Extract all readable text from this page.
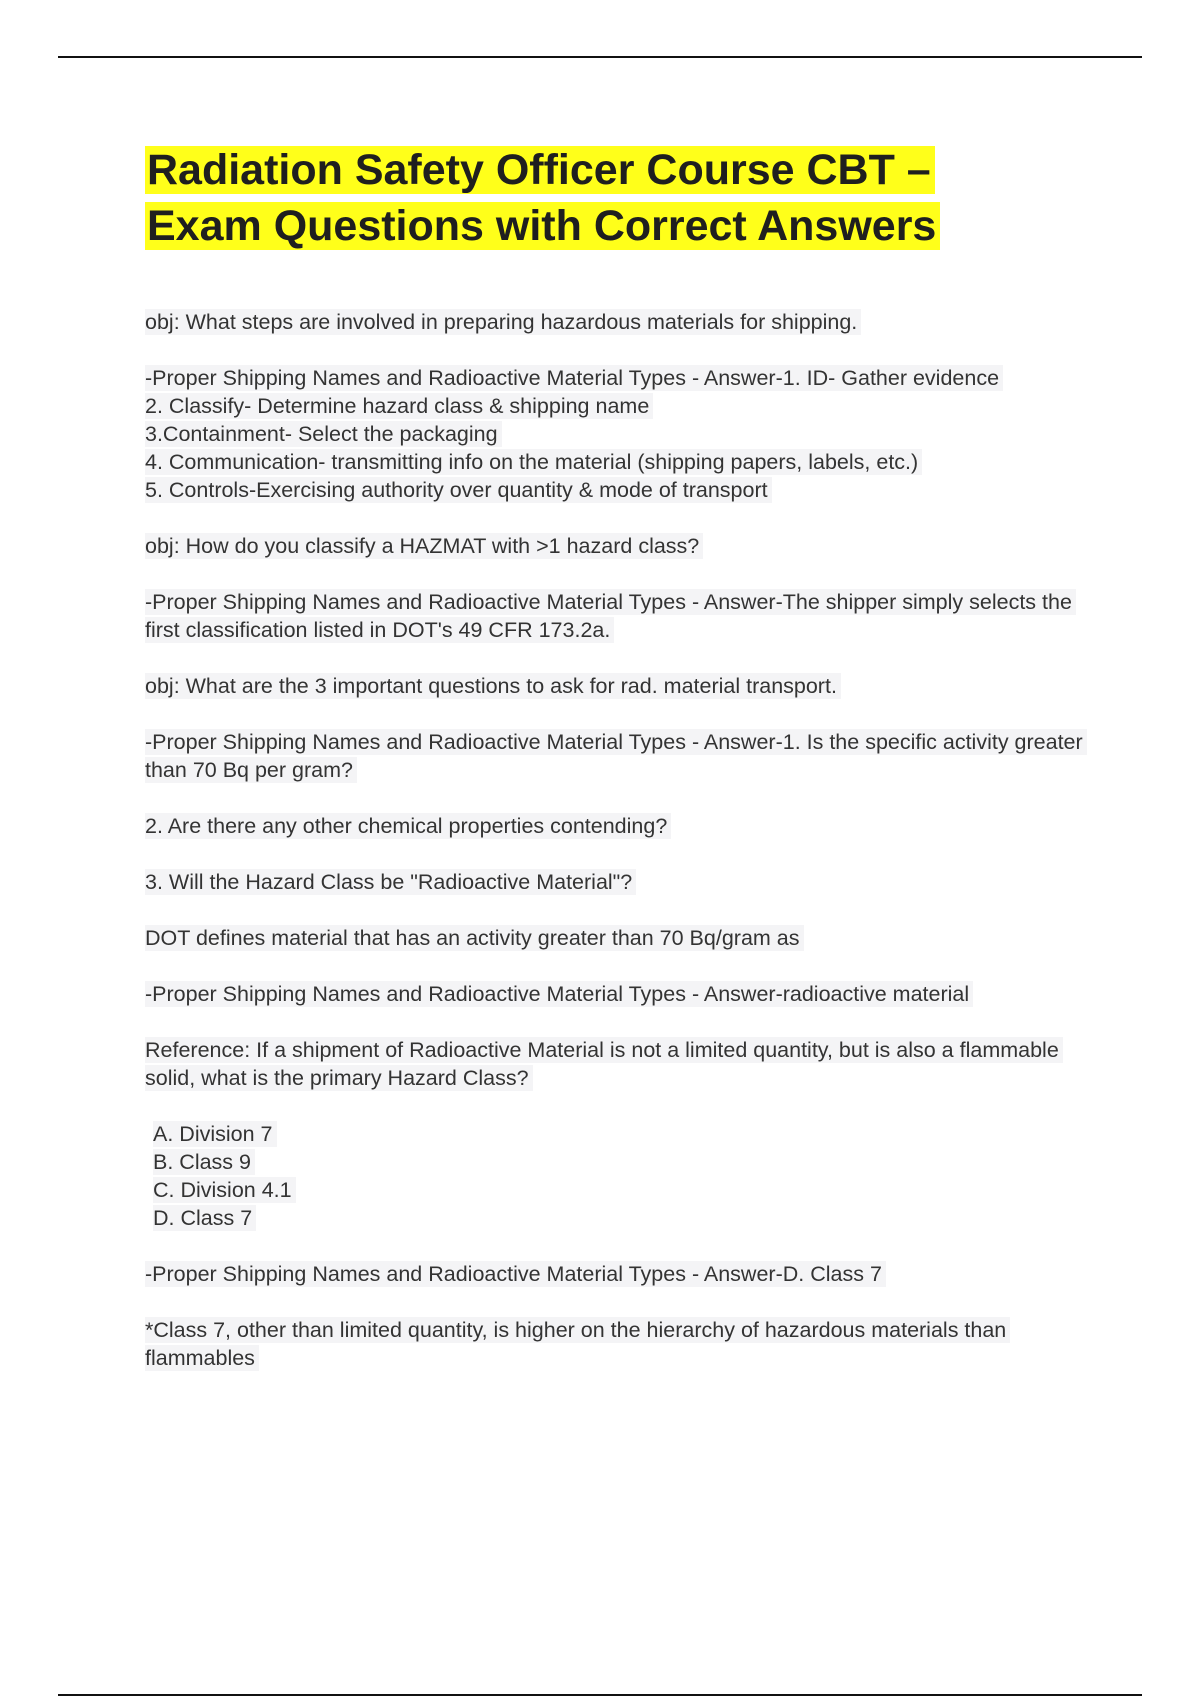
Radiation Safety Officer Course CBT –
Exam Questions with Correct Answers

obj: What steps are involved in preparing hazardous materials for shipping.

-Proper Shipping Names and Radioactive Material Types - Answer-1. ID- Gather evidence
2. Classify- Determine hazard class & shipping name
3.Containment- Select the packaging
4. Communication- transmitting info on the material (shipping papers, labels, etc.)
5. Controls-Exercising authority over quantity & mode of transport

obj: How do you classify a HAZMAT with >1 hazard class?

-Proper Shipping Names and Radioactive Material Types - Answer-The shipper simply selects the first classification listed in DOT's 49 CFR 173.2a.

obj: What are the 3 important questions to ask for rad. material transport.

-Proper Shipping Names and Radioactive Material Types - Answer-1. Is the specific activity greater than 70 Bq per gram?

2. Are there any other chemical properties contending?

3. Will the Hazard Class be "Radioactive Material"?

DOT defines material that has an activity greater than 70 Bq/gram as

-Proper Shipping Names and Radioactive Material Types - Answer-radioactive material

Reference: If a shipment of Radioactive Material is not a limited quantity, but is also a flammable solid, what is the primary Hazard Class?

A. Division 7
B. Class 9
C. Division 4.1
D. Class 7

-Proper Shipping Names and Radioactive Material Types - Answer-D. Class 7

*Class 7, other than limited quantity, is higher on the hierarchy of hazardous materials than flammables
